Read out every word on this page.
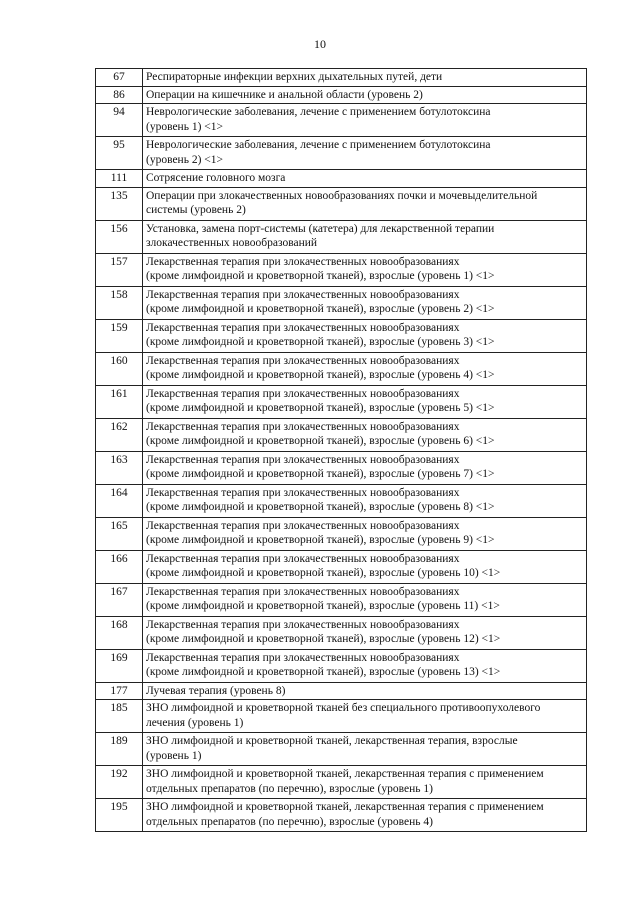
10
67	Респираторные инфекции верхних дыхательных путей, дети

86	Операции на кишечнике и анальной области (уровень 2)

94	Неврологические заболевания, лечение с применением ботулотоксина
(уровень 1) <1>

95	Неврологические заболевания, лечение с применением ботулотоксина
(уровень 2) <1>

111	Сотрясение головного мозга

135	Операции при злокачественных новообразованиях почки и мочевыделительной
системы (уровень 2)

156	Установка, замена порт-системы (катетера) для лекарственной терапии
злокачественных новообразований

157	Лекарственная терапия при злокачественных новообразованиях
(кроме лимфоидной и кроветворной тканей), взрослые (уровень 1) <1>

158	Лекарственная терапия при злокачественных новообразованиях
(кроме лимфоидной и кроветворной тканей), взрослые (уровень 2) <1>

159	Лекарственная терапия при злокачественных новообразованиях
(кроме лимфоидной и кроветворной тканей), взрослые (уровень 3) <1>

160	Лекарственная терапия при злокачественных новообразованиях
(кроме лимфоидной и кроветворной тканей), взрослые (уровень 4) <1>

161	Лекарственная терапия при злокачественных новообразованиях
(кроме лимфоидной и кроветворной тканей), взрослые (уровень 5) <1>

162	Лекарственная терапия при злокачественных новообразованиях
(кроме лимфоидной и кроветворной тканей), взрослые (уровень 6) <1>

163	Лекарственная терапия при злокачественных новообразованиях
(кроме лимфоидной и кроветворной тканей), взрослые (уровень 7) <1>

164	Лекарственная терапия при злокачественных новообразованиях
(кроме лимфоидной и кроветворной тканей), взрослые (уровень 8) <1>

165	Лекарственная терапия при злокачественных новообразованиях
(кроме лимфоидной и кроветворной тканей), взрослые (уровень 9) <1>

166	Лекарственная терапия при злокачественных новообразованиях
(кроме лимфоидной и кроветворной тканей), взрослые (уровень 10) <1>

167	Лекарственная терапия при злокачественных новообразованиях
(кроме лимфоидной и кроветворной тканей), взрослые (уровень 11) <1>

168	Лекарственная терапия при злокачественных новообразованиях
(кроме лимфоидной и кроветворной тканей), взрослые (уровень 12) <1>

169	Лекарственная терапия при злокачественных новообразованиях
(кроме лимфоидной и кроветворной тканей), взрослые (уровень 13) <1>

177	Лучевая терапия (уровень 8)

185	ЗНО лимфоидной и кроветворной тканей без специального противоопухолевого
лечения (уровень 1)

189	ЗНО лимфоидной и кроветворной тканей, лекарственная терапия, взрослые
(уровень 1)

192	ЗНО лимфоидной и кроветворной тканей, лекарственная терапия с применением
отдельных препаратов (по перечню), взрослые (уровень 1)

195	ЗНО лимфоидной и кроветворной тканей, лекарственная терапия с применением
отдельных препаратов (по перечню), взрослые (уровень 4)
